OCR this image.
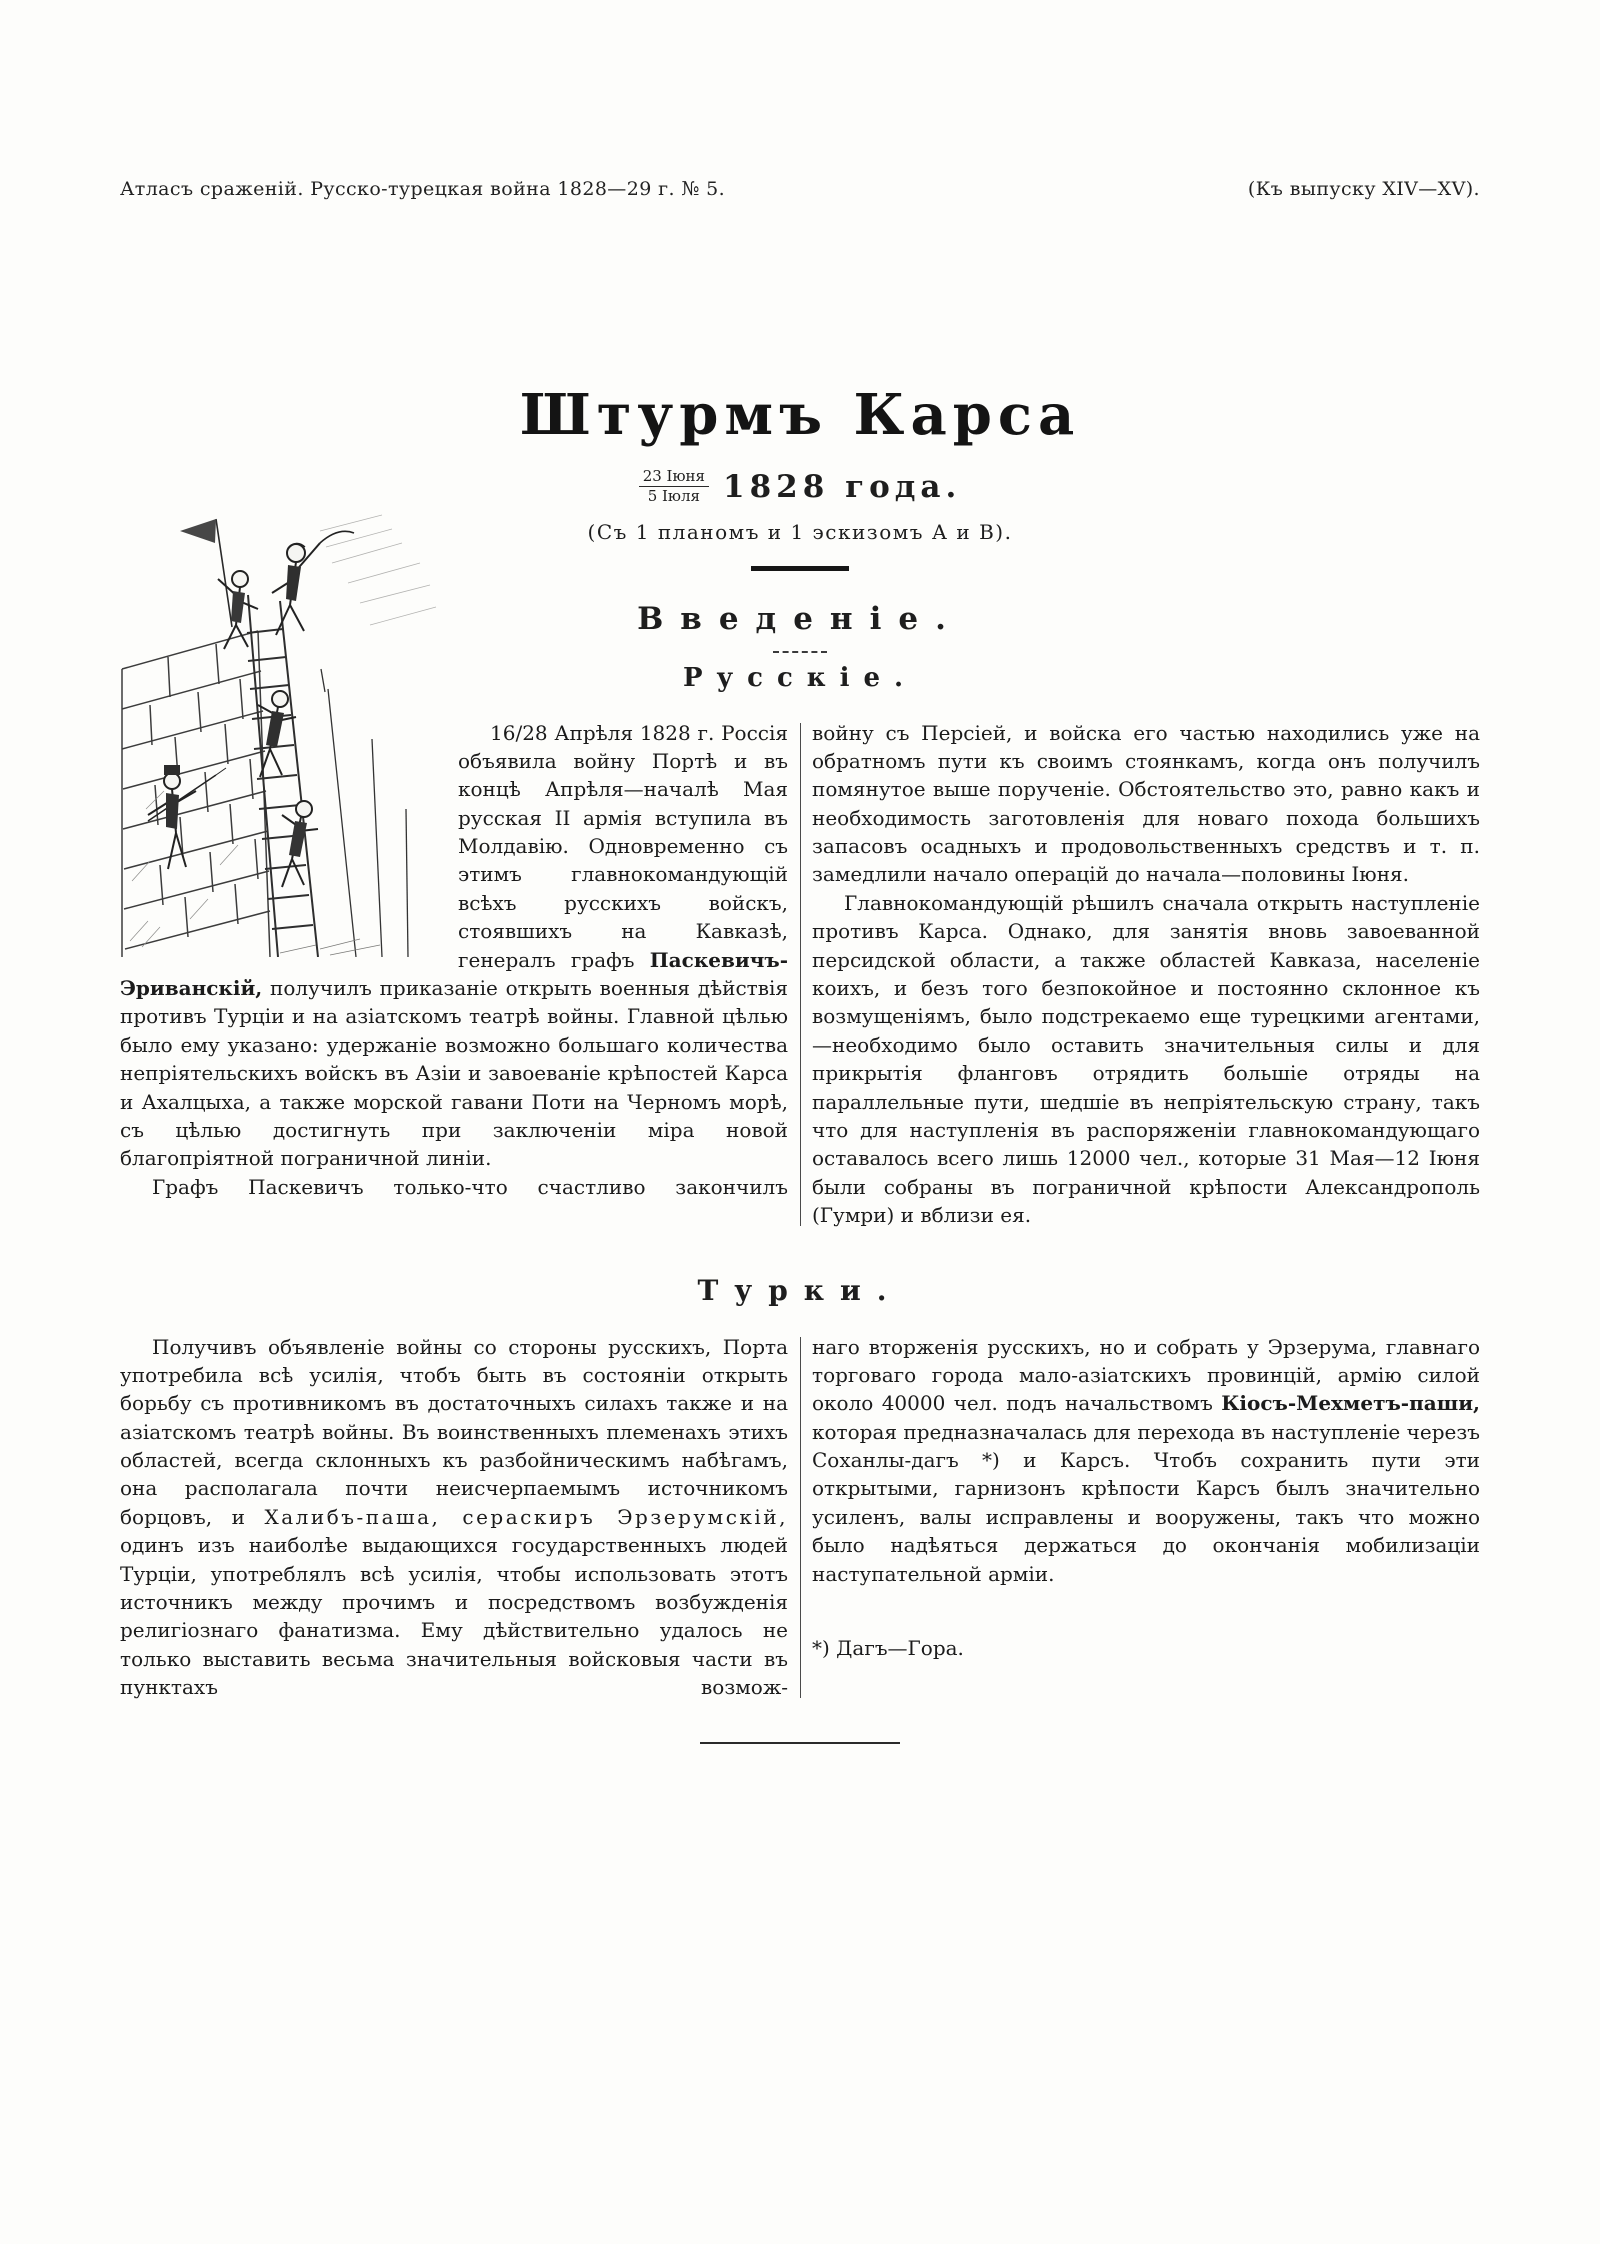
Атласъ сраженій. Русско-турецкая война 1828—29 г. № 5.	(Къ выпуску XIV—XV).
Штурмъ Карса
$\frac{\text{23 Іюня}}{\text{5 Іюля}} 1828$ года.
(Съ 1 планомъ и 1 эскизомъ А и В).
Введеніе.
Русскіе.

16/28 Апрѣля 1828 г. Россія объявила войну Портѣ и въ концѣ Апрѣля—началѣ Мая русская II армія вступила въ Молдавію. Одновременно съ этимъ главнокомандующій всѣхъ русскихъ войскъ, стоявшихъ на Кавказѣ, генералъ графъ Паскевичъ-Эриванскій, получилъ приказаніе открыть военныя дѣйствія противъ Турціи и на азіатскомъ театрѣ войны. Главной цѣлью было ему указано: удержаніе возможно большаго количества непріятельскихъ войскъ въ Азіи и завоеваніе крѣпостей Карса и Ахалцыха, а также морской гавани Поти на Черномъ морѣ, съ цѣлью достигнуть при заключеніи міра новой благопріятной пограничной линіи.

Графъ Паскевичъ только-что счастливо закончилъ

войну съ Персіей, и войска его частью находились уже на обратномъ пути къ своимъ стоянкамъ, когда онъ получилъ помянутое выше порученіе. Обстоятельство это, равно какъ и необходимость заготовленія для новаго похода большихъ запасовъ осадныхъ и продовольственныхъ средствъ и т. п. замедлили начало операцій до начала—половины Іюня.

Главнокомандующій рѣшилъ сначала открыть наступленіе противъ Карса. Однако, для занятія вновь завоеванной персидской области, а также областей Кавказа, населеніе коихъ, и безъ того безпокойное и постоянно склонное къ возмущеніямъ, было подстрекаемо еще турецкими агентами,—необходимо было оставить значительныя силы и для прикрытія фланговъ отрядить большіе отряды на параллельные пути, шедшіе въ непріятельскую страну, такъ что для наступленія въ распоряженіи главнокомандующаго оставалось всего лишь 12000 чел., которые 31 Мая—12 Іюня были собраны въ пограничной крѣпости Александрополь (Гумри) и вблизи ея.

Турки.

Получивъ объявленіе войны со стороны русскихъ, Порта употребила всѣ усилія, чтобъ быть въ состояніи открыть борьбу съ противникомъ въ достаточныхъ силахъ также и на азіатскомъ театрѣ войны. Въ воинственныхъ племенахъ этихъ областей, всегда склонныхъ къ разбойническимъ набѣгамъ, она располагала почти неисчерпаемымъ источникомъ борцовъ, и Халибъ-паша, сераскиръ Эрзерумскій, одинъ изъ наиболѣе выдающихся государственныхъ людей Турціи, употреблялъ всѣ усилія, чтобы использовать этотъ источникъ между прочимъ и посредствомъ возбужденія религіознаго фанатизма. Ему дѣйствительно удалось не только выставить весьма значительныя войсковыя части въ пунктахъ возмож-

наго вторженія русскихъ, но и собрать у Эрзерума, главнаго торговаго города мало-азіатскихъ провинцій, армію силой около 40000 чел. подъ начальствомъ Кіосъ-Мехметъ-паши, которая предназначалась для перехода въ наступленіе черезъ Соханлы-дагъ *) и Карсъ. Чтобъ сохранить пути эти открытыми, гарнизонъ крѣпости Карсъ былъ значительно усиленъ, валы исправлены и вооружены, такъ что можно было надѣяться держаться до окончанія мобилизаціи наступательной арміи.

*) Дагъ—Гора.
